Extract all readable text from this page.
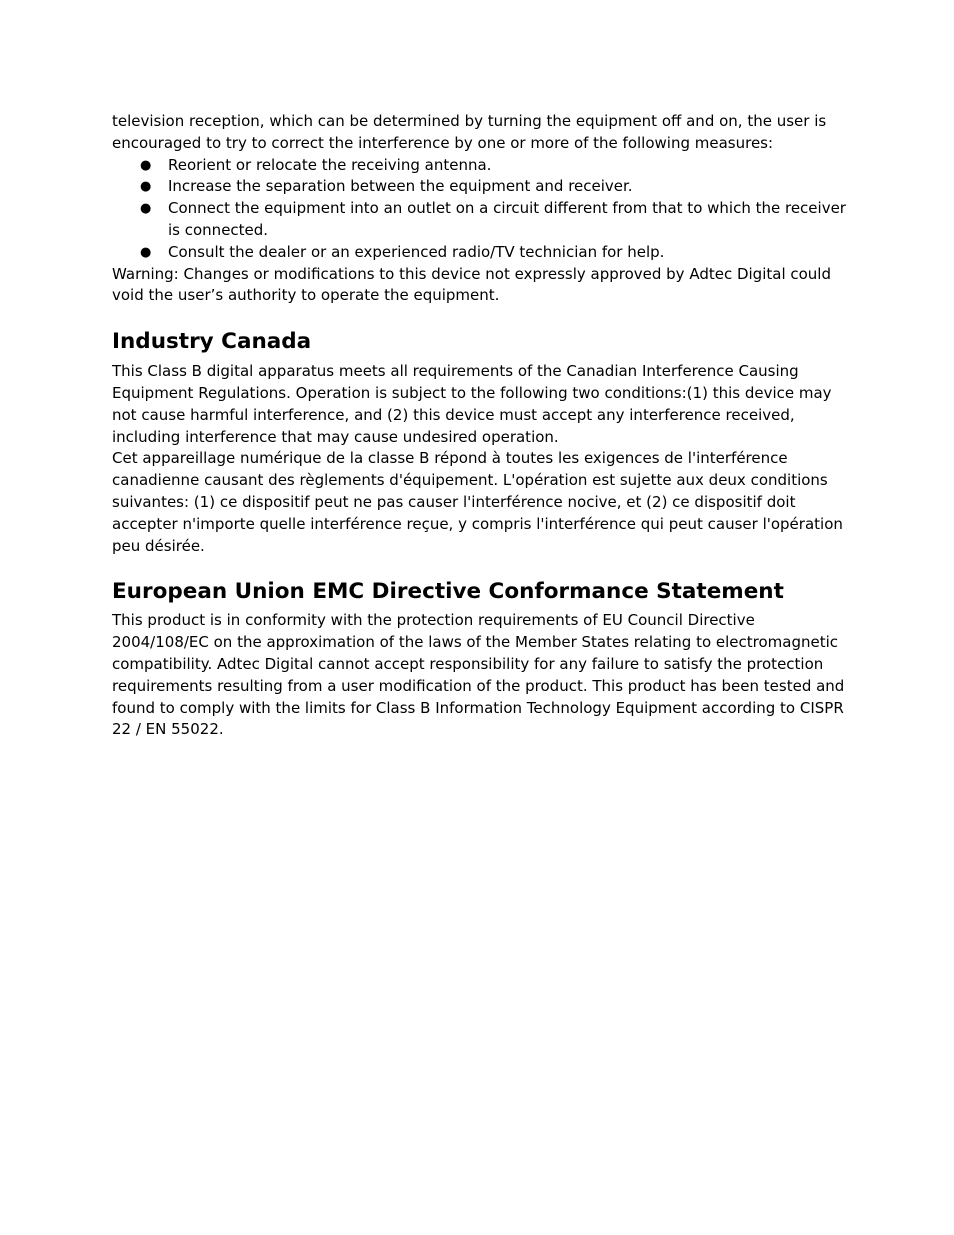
television reception, which can be determined by turning the equipment off and on, the user is encouraged to try to correct the interference by one or more of the following measures:

● Reorient or relocate the receiving antenna.
● Increase the separation between the equipment and receiver.
● Connect the equipment into an outlet on a circuit different from that to which the receiver is connected.
● Consult the dealer or an experienced radio/TV technician for help.

Warning: Changes or modifications to this device not expressly approved by Adtec Digital could void the user’s authority to operate the equipment.

Industry Canada

This Class B digital apparatus meets all requirements of the Canadian Interference Causing Equipment Regulations. Operation is subject to the following two conditions:(1) this device may not cause harmful interference, and (2) this device must accept any interference received, including interference that may cause undesired operation.

Cet appareillage numérique de la classe B répond à toutes les exigences de l'interférence canadienne causant des règlements d'équipement. L'opération est sujette aux deux conditions suivantes: (1) ce dispositif peut ne pas causer l'interférence nocive, et (2) ce dispositif doit accepter n'importe quelle interférence reçue, y compris l'interférence qui peut causer l'opération peu désirée.

European Union EMC Directive Conformance Statement

This product is in conformity with the protection requirements of EU Council Directive 2004/108/EC on the approximation of the laws of the Member States relating to electromagnetic compatibility. Adtec Digital cannot accept responsibility for any failure to satisfy the protection requirements resulting from a user modification of the product. This product has been tested and found to comply with the limits for Class B Information Technology Equipment according to CISPR 22 / EN 55022.
